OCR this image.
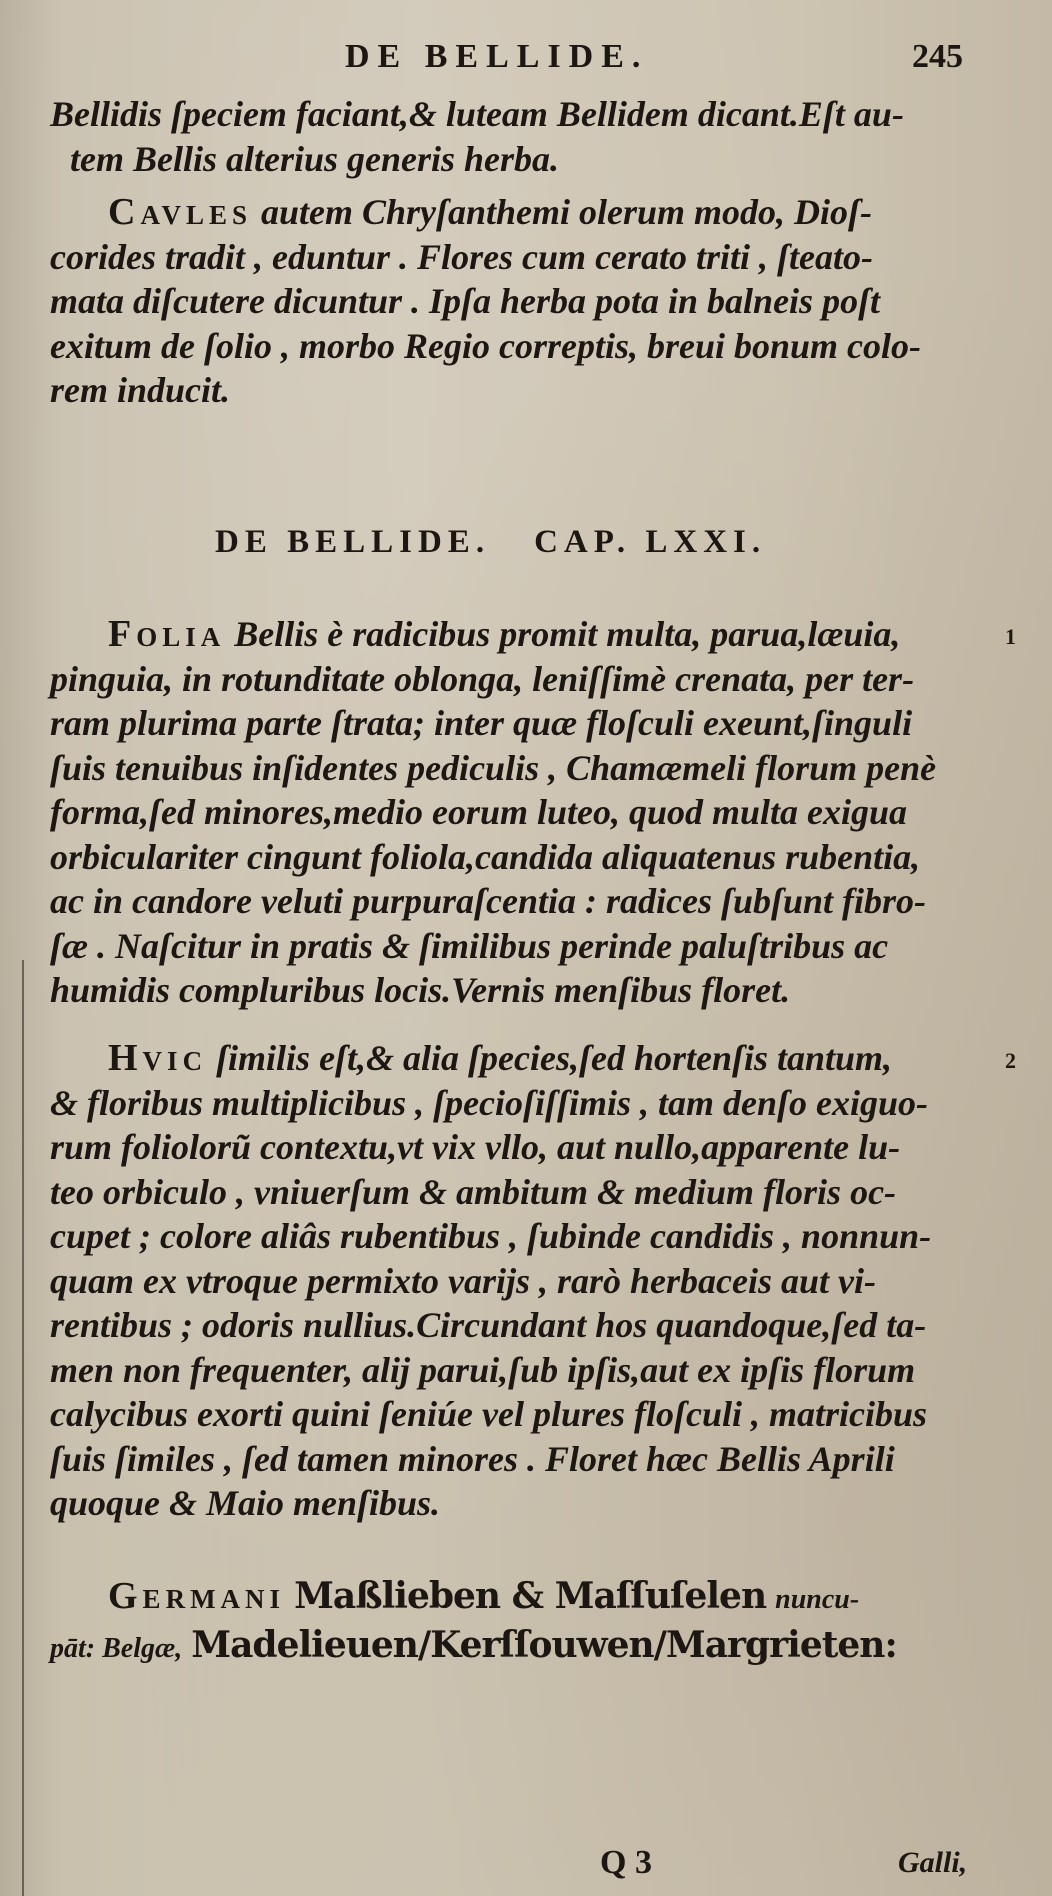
DE BELLIDE.	245
Bellidis ſpeciem faciant,& luteam Bellidem dicant.Eſt au-
tem Bellis alterius generis herba.
Cavles autem Chryſanthemi olerum modo, Dioſ-
corides tradit , eduntur . Flores cum cerato triti , ſteato-
mata diſcutere dicuntur . Ipſa herba pota in balneis poſt
exitum de ſolio , morbo Regio correptis, breui bonum colo-
rem inducit.
DE BELLIDE. CAP. LXXI.
Folia Bellis è radicibus promit multa, parua,læuia,
pinguia, in rotunditate oblonga, leniſſimè crenata, per ter-
ram plurima parte ſtrata; inter quæ floſculi exeunt,ſinguli
ſuis tenuibus inſidentes pediculis , Chamæmeli florum penè
forma,ſed minores,medio eorum luteo, quod multa exigua
orbiculariter cingunt foliola,candida aliquatenus rubentia,
ac in candore veluti purpuraſcentia : radices ſubſunt fibro-
ſæ . Naſcitur in pratis & ſimilibus perinde paluſtribus ac
humidis compluribus locis.Vernis menſibus floret.
1
Hvic ſimilis eſt,& alia ſpecies,ſed hortenſis tantum,
& floribus multiplicibus , ſpecioſiſſimis , tam denſo exiguo-
rum foliolorũ contextu,vt vix vllo, aut nullo,apparente lu-
teo orbiculo , vniuerſum & ambitum & medium floris oc-
cupet ; colore aliâs rubentibus , ſubinde candidis , nonnun-
quam ex vtroque permixto varijs , rarò herbaceis aut vi-
rentibus ; odoris nullius.Circundant hos quandoque,ſed ta-
men non frequenter, alij parui,ſub ipſis,aut ex ipſis florum
calycibus exorti quini ſeniúe vel plures floſculi , matricibus
ſuis ſimiles , ſed tamen minores . Floret hæc Bellis Aprili
quoque & Maio menſibus.
2
Germani Maßlieben & Maſſuſelen nuncu-
pāt: Belgæ, Madelieuen/Kerſſouwen/Margrieten:
Q 3	Galli,
